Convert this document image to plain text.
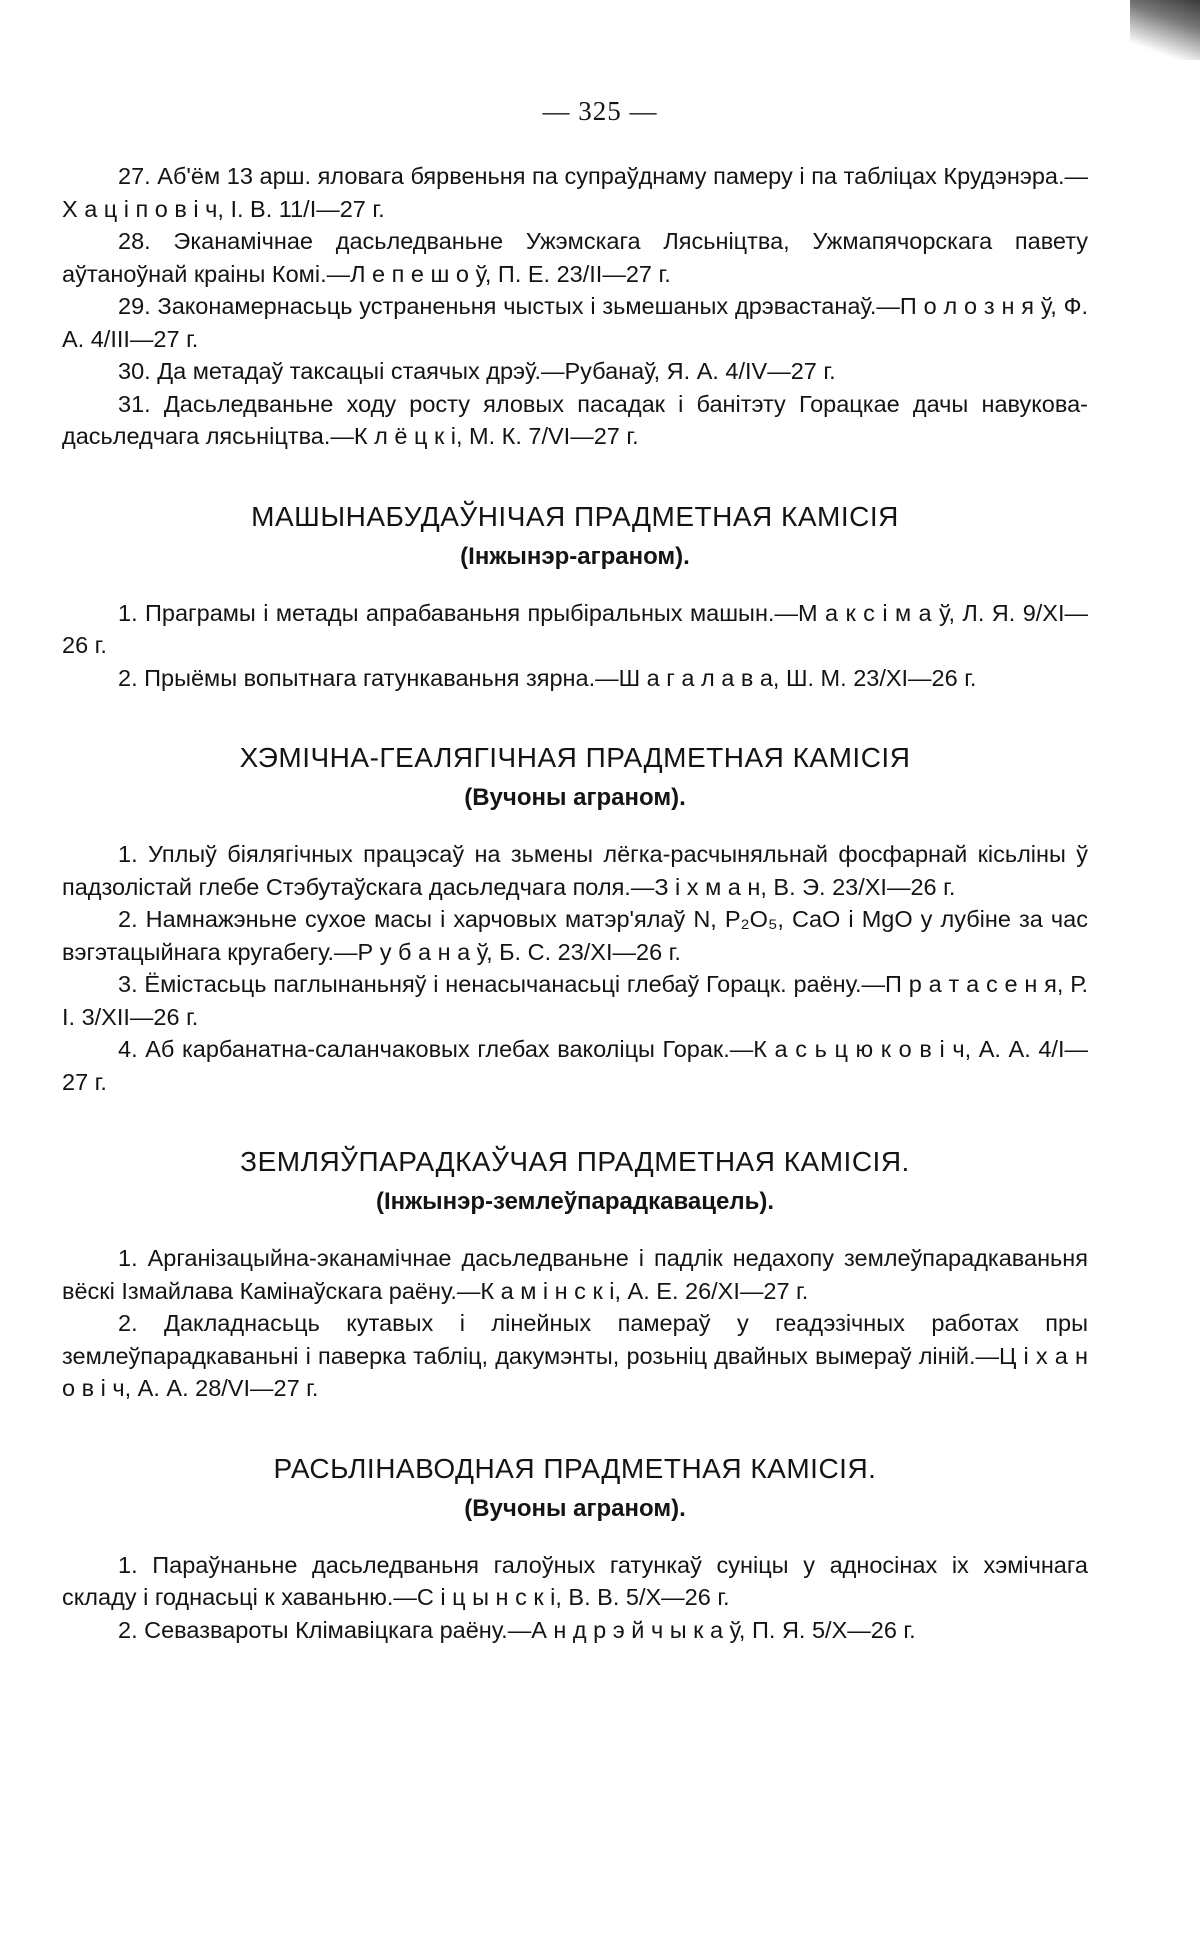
— 325 —

27. Аб'ём 13 арш. яловага бярвеньня па супраўднаму памеру і па табліцах Крудэнэра.—Х а ц і п о в і ч, І. В. 11/І—27 г.

28. Эканамічнае дасьледваньне Ужэмскага Лясьніцтва, Ужмапячорскага павету аўтаноўнай краіны Комі.—Л е п е ш о ў, П. Е. 23/II—27 г.

29. Законамернасьць устраненьня чыстых і зьмешаных дрэвастанаў.—П о л о з н я ў, Ф. А. 4/III—27 г.

30. Да метадаў таксацыі стаячых дрэў.—Рубанаў, Я. А. 4/IV—27 г.

31. Дасьледваньне ходу росту яловых пасадак і банітэту Горацкае дачы навукова-дасьледчага лясьніцтва.—К л ё ц к і, М. К. 7/VI—27 г.

МАШЫНАБУДАЎНІЧАЯ ПРАДМЕТНАЯ КАМІСІЯ
(Інжынэр-аграном).

1. Праграмы і метады апрабаваньня прыбіральных машын.—М а к с і м а ў, Л. Я. 9/XI—26 г.

2. Прыёмы вопытнага гатункаваньня зярна.—Ш а г а л а в а, Ш. М. 23/XI—26 г.

ХЭМІЧНА-ГЕАЛЯГІЧНАЯ ПРАДМЕТНАЯ КАМІСІЯ
(Вучоны аграном).

1. Уплыў біялягічных працэсаў на зьмены лёгка-расчыняльнай фосфарнай кісьліны ў падзолістай глебе Стэбутаўскага дасьледчага поля.—З і х м а н, В. Э. 23/XI—26 г.

2. Намнажэньне сухое масы і харчовых матэр'ялаў N, P₂O₅, CaO і MgO у лубіне за час вэгэтацыйнага кругабегу.—Р у б а н а ў, Б. С. 23/XI—26 г.

3. Ёмістасьць паглынаньняў і ненасычанасьці глебаў Горацк. раёну.—П р а т а с е н я, Р. І. 3/XII—26 г.

4. Аб карбанатна-саланчаковых глебах ваколіцы Горак.—К а с ь ц ю к о в і ч, А. А. 4/I—27 г.

ЗЕМЛЯЎПАРАДКАЎЧАЯ ПРАДМЕТНАЯ КАМІСІЯ.
(Інжынэр-землеўпарадкавацель).

1. Арганізацыйна-эканамічнае дасьледваньне і падлік недахопу землеўпарадкаваньня вёскі Ізмайлава Камінаўскага раёну.—К а м і н с к і, А. Е. 26/XI—27 г.

2. Дакладнасьць кутавых і лінейных памераў у геадэзічных работах пры землеўпарадкаваньні і паверка табліц, дакумэнты, розьніц двайных вымераў ліній.—Ц і х а н о в і ч, А. А. 28/VI—27 г.

РАСЬЛІНАВОДНАЯ ПРАДМЕТНАЯ КАМІСІЯ.
(Вучоны аграном).

1. Параўнаньне дасьледваньня галоўных гатункаў суніцы у адносінах іх хэмічнага складу і годнасьці к хаваньню.—С і ц ы н с к і, В. В. 5/X—26 г.

2. Севазвароты Клімавіцкага раёну.—А н д р э й ч ы к а ў, П. Я. 5/X—26 г.
